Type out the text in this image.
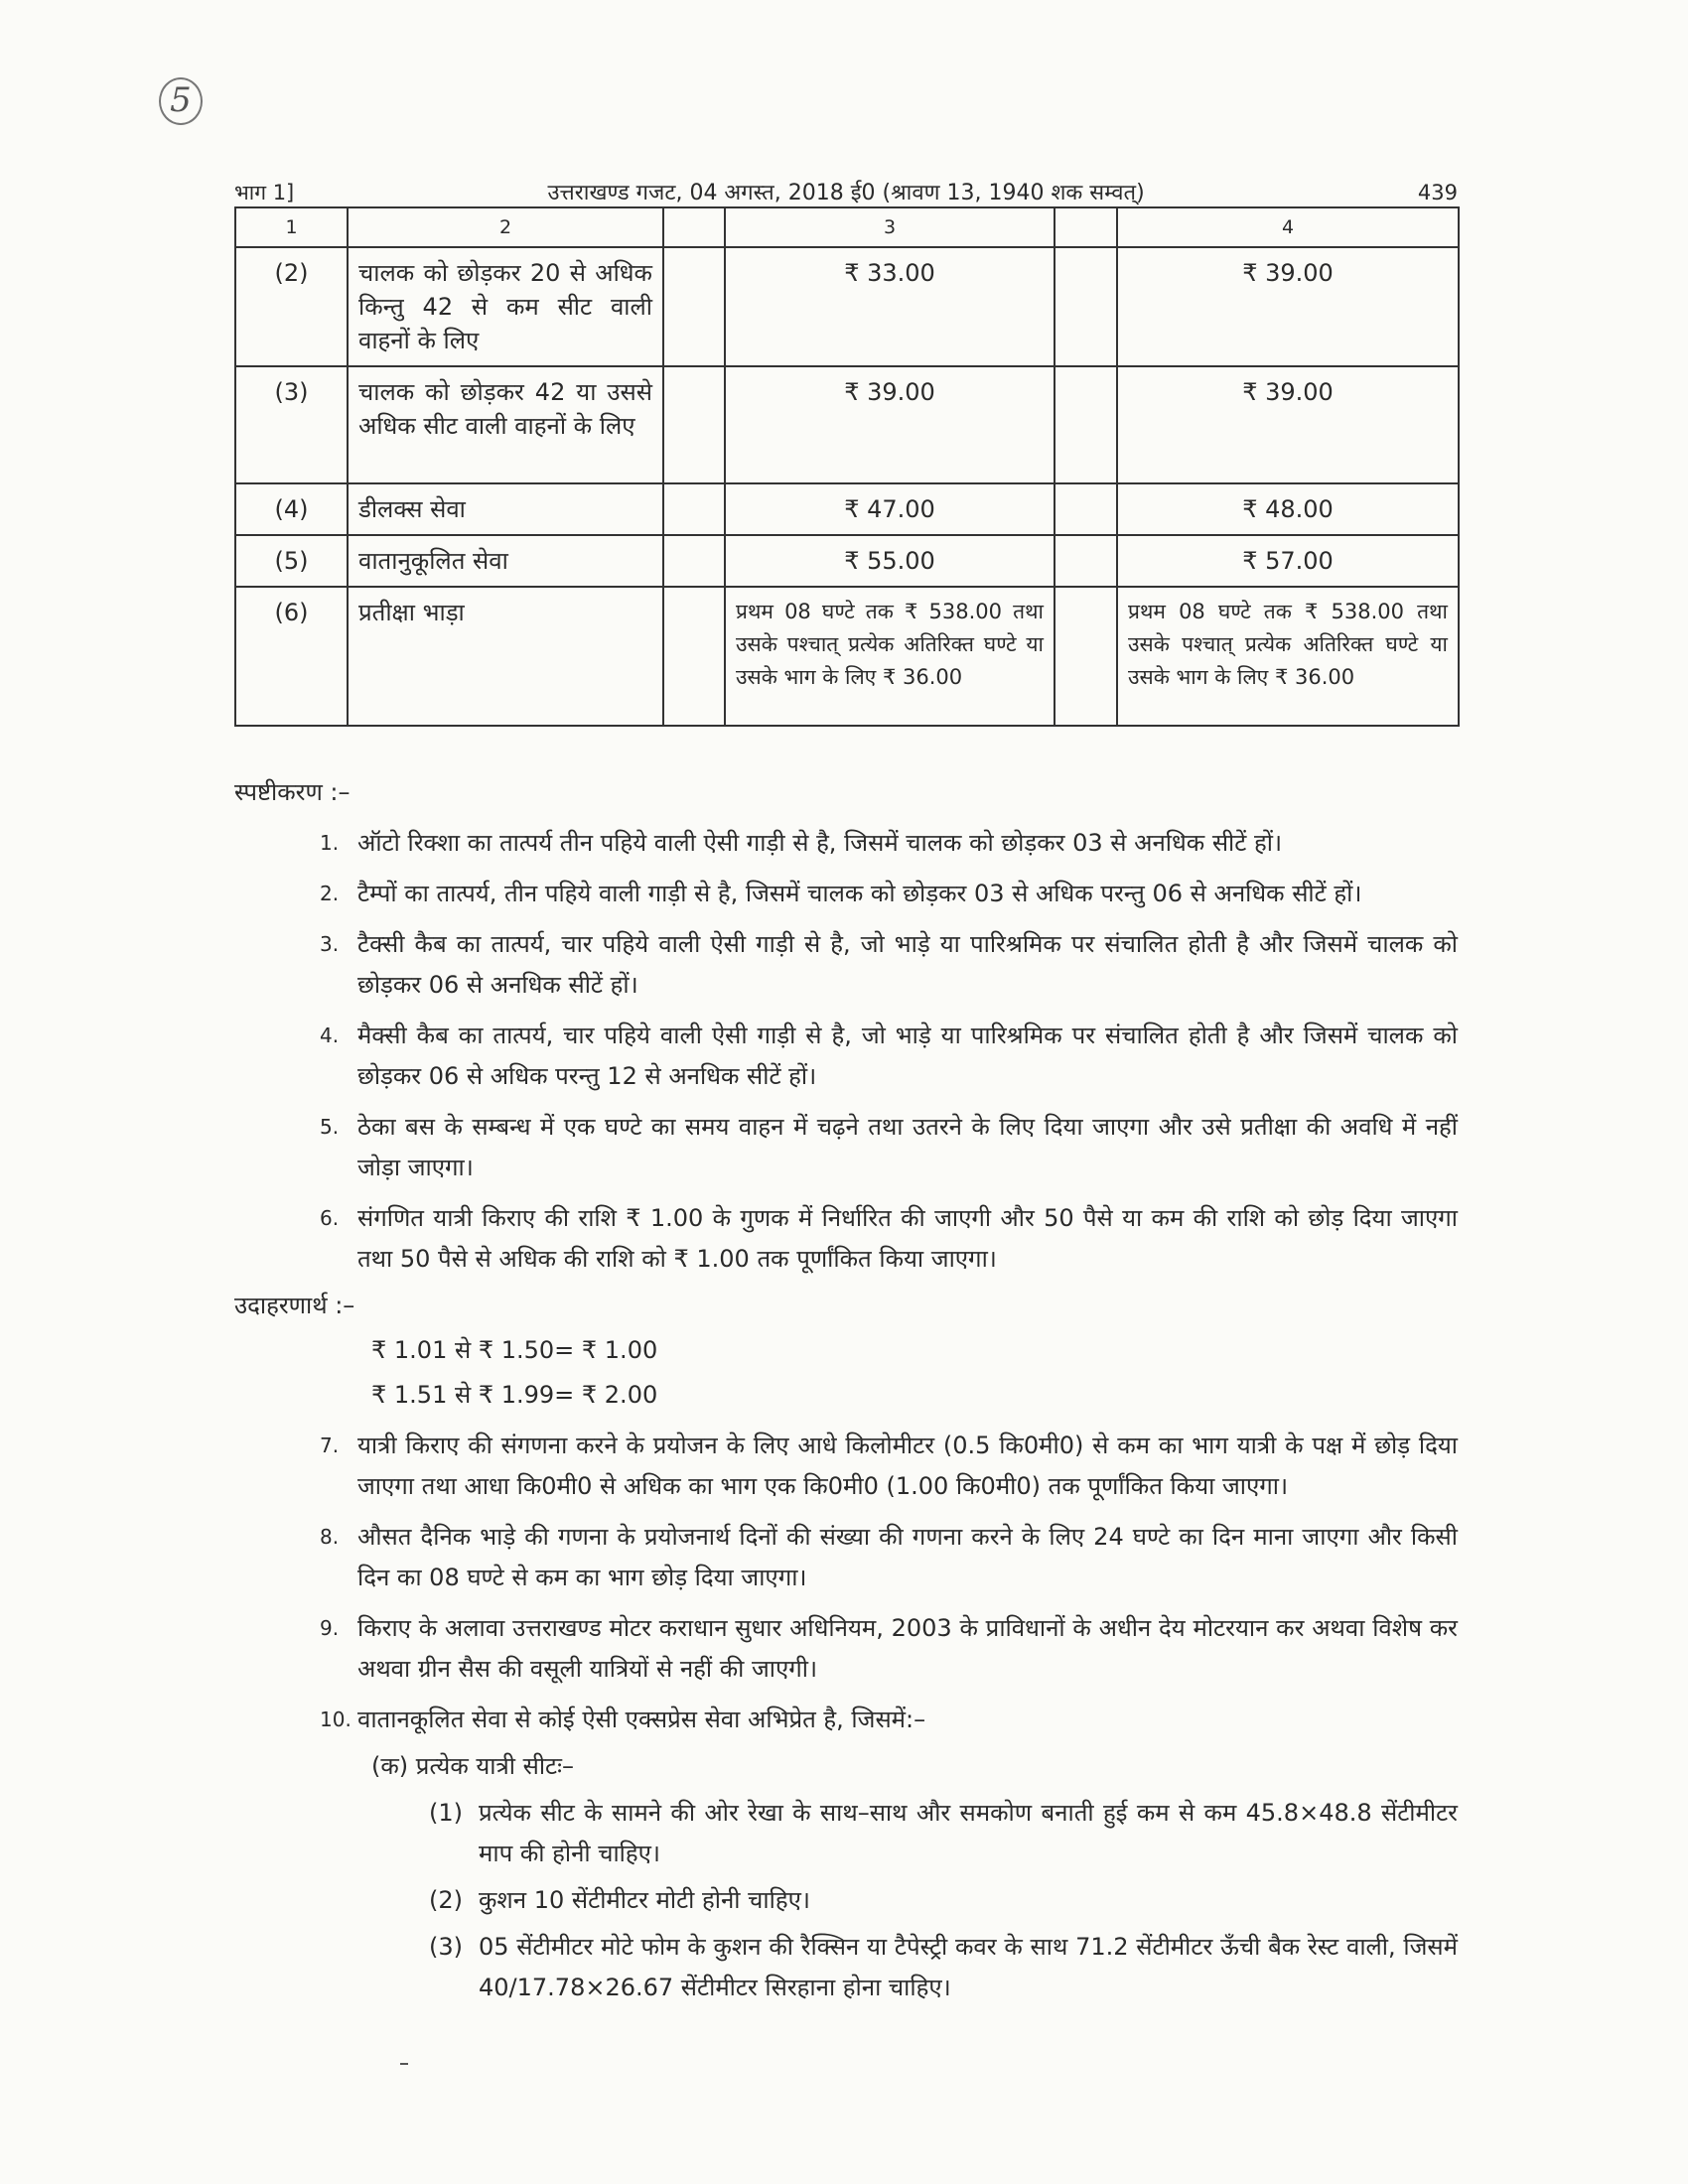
5
भाग 1]	उत्तराखण्ड गजट, 04 अगस्त, 2018 ई0 (श्रावण 13, 1940 शक सम्वत्)	439
1	2		3		4
(2)	चालक को छोड़कर 20 से अधिक किन्तु 42 से कम सीट वाली वाहनों के लिए		₹ 33.00		₹ 39.00
(3)	चालक को छोड़कर 42 या उससे अधिक सीट वाली वाहनों के लिए		₹ 39.00		₹ 39.00
(4)	डीलक्स सेवा		₹ 47.00		₹ 48.00
(5)	वातानुकूलित सेवा		₹ 55.00		₹ 57.00
(6)	प्रतीक्षा भाड़ा		प्रथम 08 घण्टे तक ₹ 538.00 तथा उसके पश्चात् प्रत्येक अतिरिक्त घण्टे या उसके भाग के लिए ₹ 36.00		प्रथम 08 घण्टे तक ₹ 538.00 तथा उसके पश्चात् प्रत्येक अतिरिक्त घण्टे या उसके भाग के लिए ₹ 36.00

स्पष्टीकरण :–

1. ऑटो रिक्शा का तात्पर्य तीन पहिये वाली ऐसी गाड़ी से है, जिसमें चालक को छोड़कर 03 से अनधिक सीटें हों।
2. टैम्पों का तात्पर्य, तीन पहिये वाली गाड़ी से है, जिसमें चालक को छोड़कर 03 से अधिक परन्तु 06 से अनधिक सीटें हों।
3. टैक्सी कैब का तात्पर्य, चार पहिये वाली ऐसी गाड़ी से है, जो भाड़े या पारिश्रमिक पर संचालित होती है और जिसमें चालक को छोड़कर 06 से अनधिक सीटें हों।
4. मैक्सी कैब का तात्पर्य, चार पहिये वाली ऐसी गाड़ी से है, जो भाड़े या पारिश्रमिक पर संचालित होती है और जिसमें चालक को छोड़कर 06 से अधिक परन्तु 12 से अनधिक सीटें हों।
5. ठेका बस के सम्बन्ध में एक घण्टे का समय वाहन में चढ़ने तथा उतरने के लिए दिया जाएगा और उसे प्रतीक्षा की अवधि में नहीं जोड़ा जाएगा।
6. संगणित यात्री किराए की राशि ₹ 1.00 के गुणक में निर्धारित की जाएगी और 50 पैसे या कम की राशि को छोड़ दिया जाएगा तथा 50 पैसे से अधिक की राशि को ₹ 1.00 तक पूर्णांकित किया जाएगा।

उदाहरणार्थ :–

₹ 1.01 से ₹ 1.50= ₹ 1.00
₹ 1.51 से ₹ 1.99= ₹ 2.00
7. यात्री किराए की संगणना करने के प्रयोजन के लिए आधे किलोमीटर (0.5 कि0मी0) से कम का भाग यात्री के पक्ष में छोड़ दिया जाएगा तथा आधा कि0मी0 से अधिक का भाग एक कि0मी0 (1.00 कि0मी0) तक पूर्णांकित किया जाएगा।
8. औसत दैनिक भाड़े की गणना के प्रयोजनार्थ दिनों की संख्या की गणना करने के लिए 24 घण्टे का दिन माना जाएगा और किसी दिन का 08 घण्टे से कम का भाग छोड़ दिया जाएगा।
9. किराए के अलावा उत्तराखण्ड मोटर कराधान सुधार अधिनियम, 2003 के प्राविधानों के अधीन देय मोटरयान कर अथवा विशेष कर अथवा ग्रीन सैस की वसूली यात्रियों से नहीं की जाएगी।
10. वातानकूलित सेवा से कोई ऐसी एक्सप्रेस सेवा अभिप्रेत है, जिसमें:–
(क) प्रत्येक यात्री सीटः–
(1) प्रत्येक सीट के सामने की ओर रेखा के साथ–साथ और समकोण बनाती हुई कम से कम 45.8×48.8 सेंटीमीटर माप की होनी चाहिए।
(2) कुशन 10 सेंटीमीटर मोटी होनी चाहिए।
(3) 05 सेंटीमीटर मोटे फोम के कुशन की रैक्सिन या टैपेस्ट्री कवर के साथ 71.2 सेंटीमीटर ऊँची बैक रेस्ट वाली, जिसमें 40/17.78×26.67 सेंटीमीटर सिरहाना होना चाहिए।
